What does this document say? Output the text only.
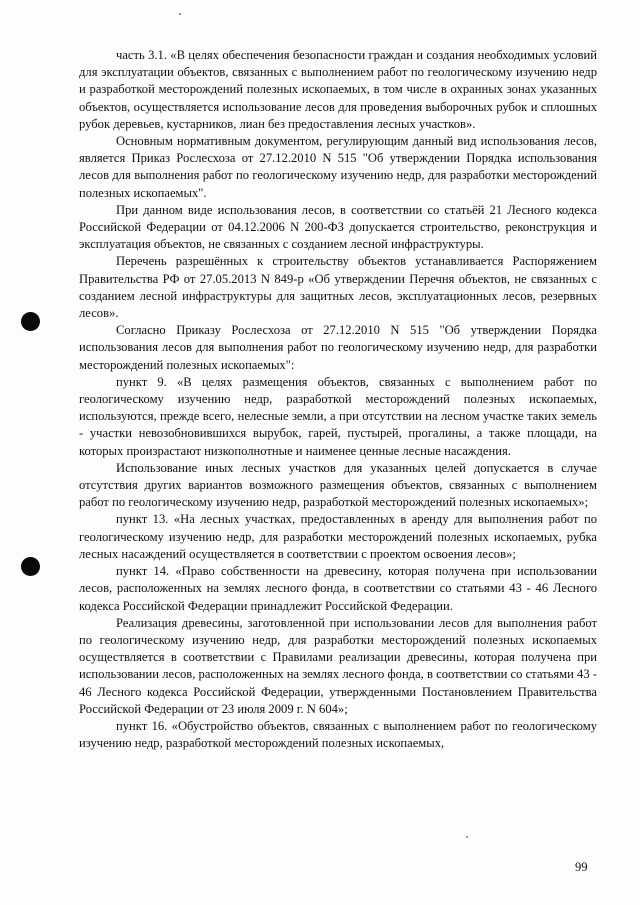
часть 3.1. «В целях обеспечения безопасности граждан и создания необходимых условий для эксплуатации объектов, связанных с выполнением работ по геологическому изучению недр и разработкой месторождений полезных ископаемых, в том числе в охранных зонах указанных объектов, осуществляется использование лесов для проведения выборочных рубок и сплошных рубок деревьев, кустарников, лиан без предоставления лесных участков».

Основным нормативным документом, регулирующим данный вид использования лесов, является Приказ Рослесхоза от 27.12.2010 N 515 "Об утверждении Порядка использования лесов для выполнения работ по геологическому изучению недр, для разработки месторождений полезных ископаемых".

При данном виде использования лесов, в соответствии со статьёй 21 Лесного кодекса Российской Федерации от 04.12.2006 N 200-ФЗ допускается строительство, реконструкция и эксплуатация объектов, не связанных с созданием лесной инфраструктуры.

Перечень разрешённых к строительству объектов устанавливается Распоряжением Правительства РФ от 27.05.2013 N 849-р «Об утверждении Перечня объектов, не связанных с созданием лесной инфраструктуры для защитных лесов, эксплуатационных лесов, резервных лесов».

Согласно Приказу Рослесхоза от 27.12.2010 N 515 "Об утверждении Порядка использования лесов для выполнения работ по геологическому изучению недр, для разработки месторождений полезных ископаемых":

пункт 9. «В целях размещения объектов, связанных с выполнением работ по геологическому изучению недр, разработкой месторождений полезных ископаемых, используются, прежде всего, нелесные земли, а при отсутствии на лесном участке таких земель - участки невозобновившихся вырубок, гарей, пустырей, прогалины, а также площади, на которых произрастают низкополнотные и наименее ценные лесные насаждения.

Использование иных лесных участков для указанных целей допускается в случае отсутствия других вариантов возможного размещения объектов, связанных с выполнением работ по геологическому изучению недр, разработкой месторождений полезных ископаемых»;

пункт 13. «На лесных участках, предоставленных в аренду для выполнения работ по геологическому изучению недр, для разработки месторождений полезных ископаемых, рубка лесных насаждений осуществляется в соответствии с проектом освоения лесов»;

пункт 14. «Право собственности на древесину, которая получена при использовании лесов, расположенных на землях лесного фонда, в соответствии со статьями 43 - 46 Лесного кодекса Российской Федерации принадлежит Российской Федерации.

Реализация древесины, заготовленной при использовании лесов для выполнения работ по геологическому изучению недр, для разработки месторождений полезных ископаемых осуществляется в соответствии с Правилами реализации древесины, которая получена при использовании лесов, расположенных на землях лесного фонда, в соответствии со статьями 43 - 46 Лесного кодекса Российской Федерации, утвержденными Постановлением Правительства Российской Федерации от 23 июля 2009 г. N 604»;

пункт 16. «Обустройство объектов, связанных с выполнением работ по геологическому изучению недр, разработкой месторождений полезных ископаемых,

99
